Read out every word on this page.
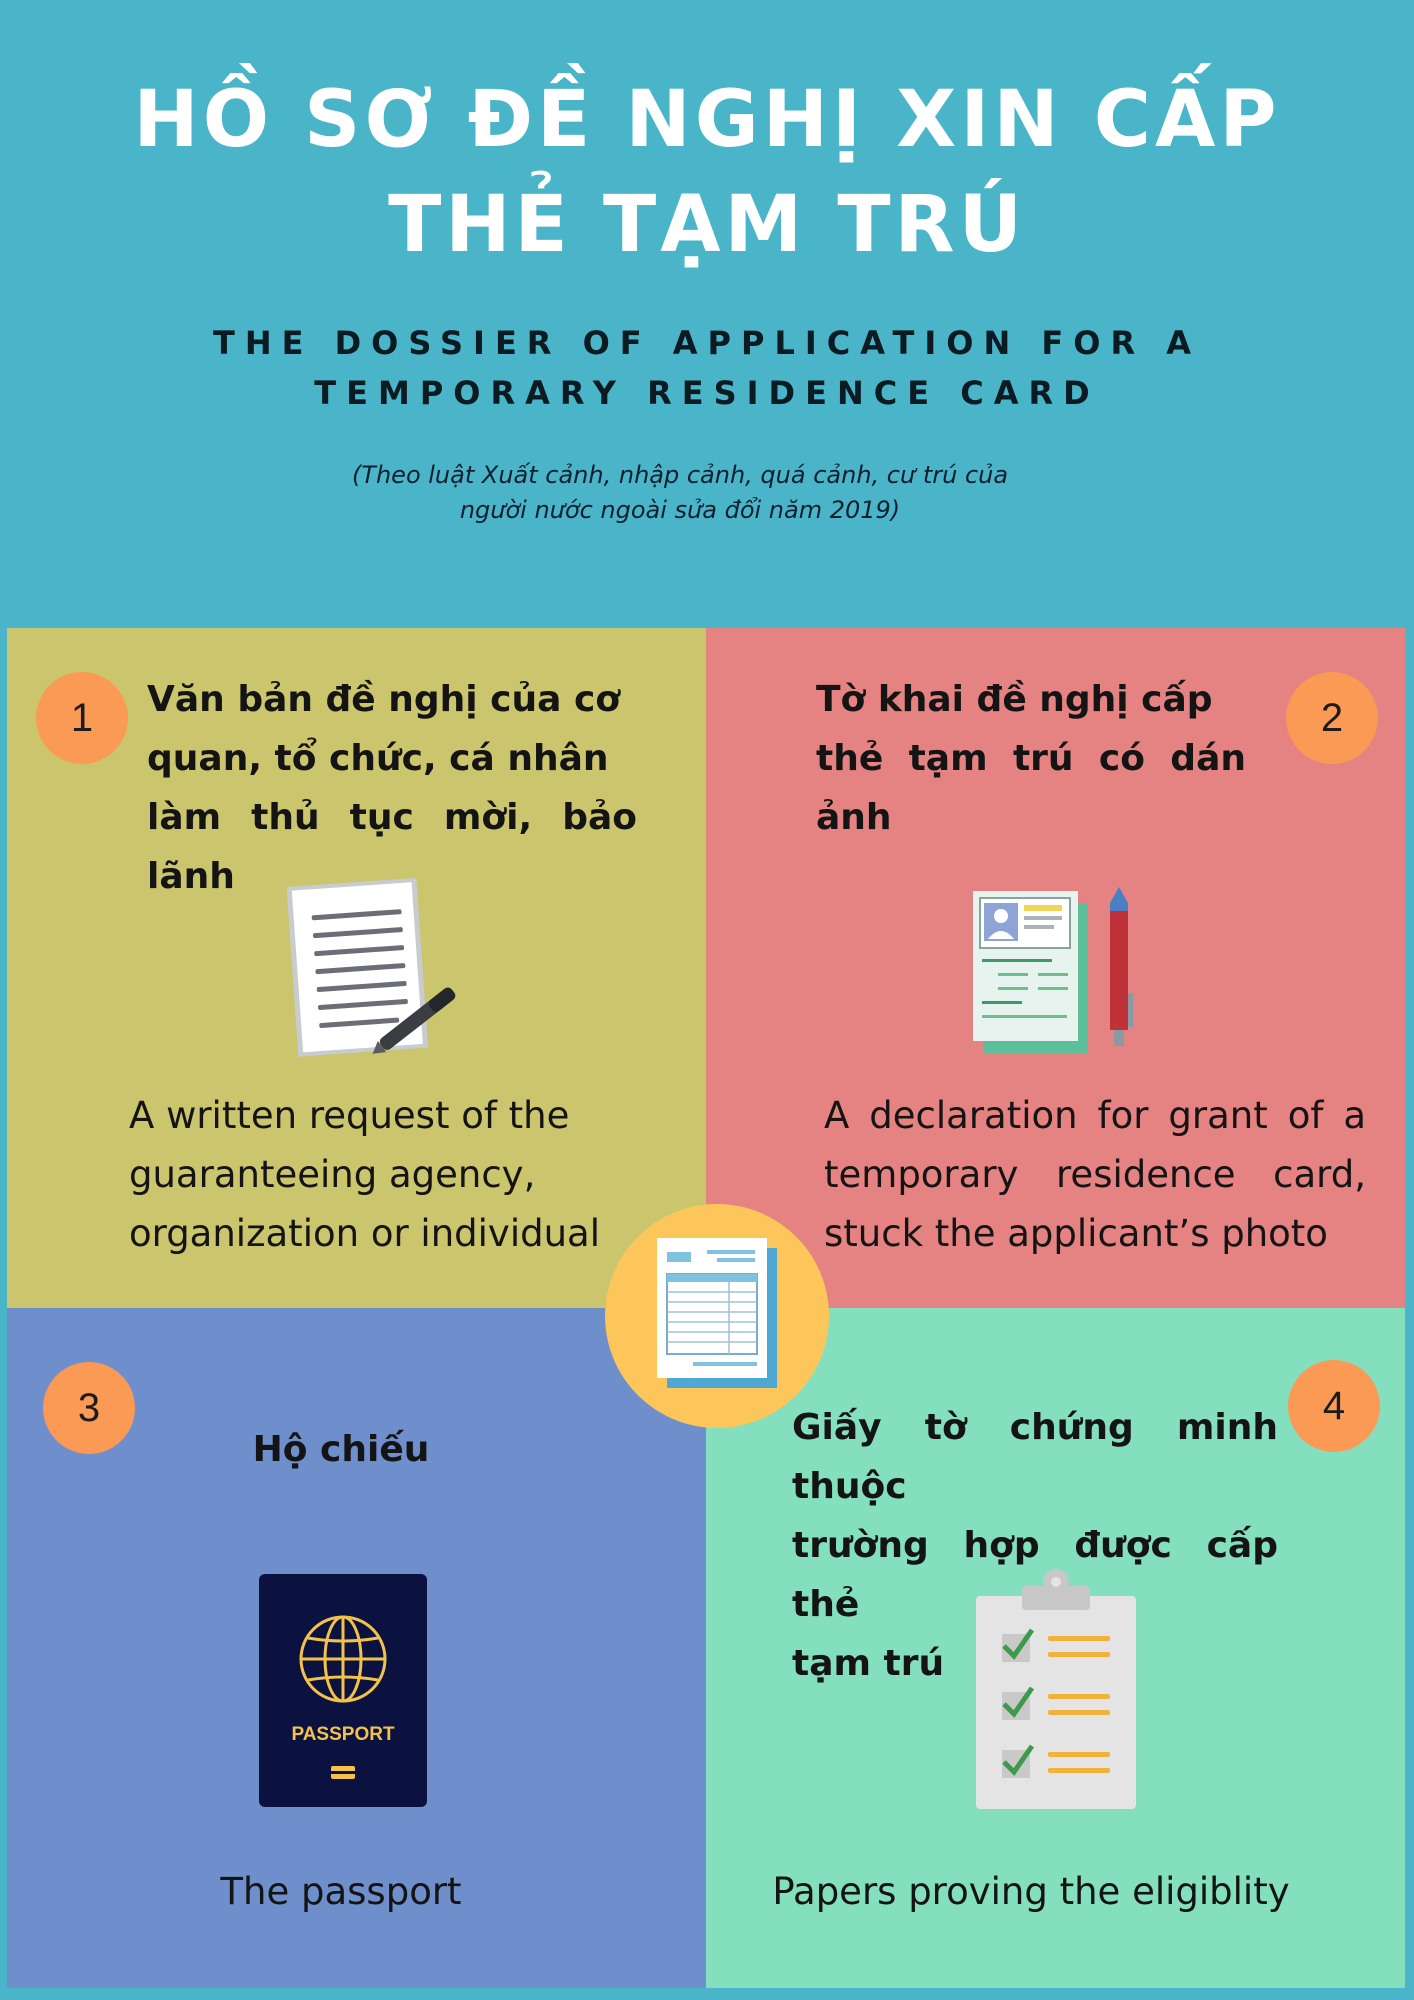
HỒ SƠ ĐỀ NGHỊ XIN CẤP
THẺ TẠM TRÚ
THE DOSSIER OF APPLICATION FOR A
TEMPORARY RESIDENCE CARD
(Theo luật Xuất cảnh, nhập cảnh, quá cảnh, cư trú của
người nước ngoài sửa đổi năm 2019)
1	Văn bản đề nghị của cơ
quan, tổ chức, cá nhân
làm thủ tục mời, bảo lãnh
A written request of the
guaranteeing agency,
organization or individual
2
Tờ khai đề nghị cấp
thẻ tạm trú có dán ảnh
A declaration for grant of a
temporary residence card,
stuck the applicant’s photo
3
Hộ chiếu
PASSPORT
The passport
4
Giấy tờ chứng minh thuộc
trường hợp được cấp thẻ
tạm trú
Papers proving the eligiblity
